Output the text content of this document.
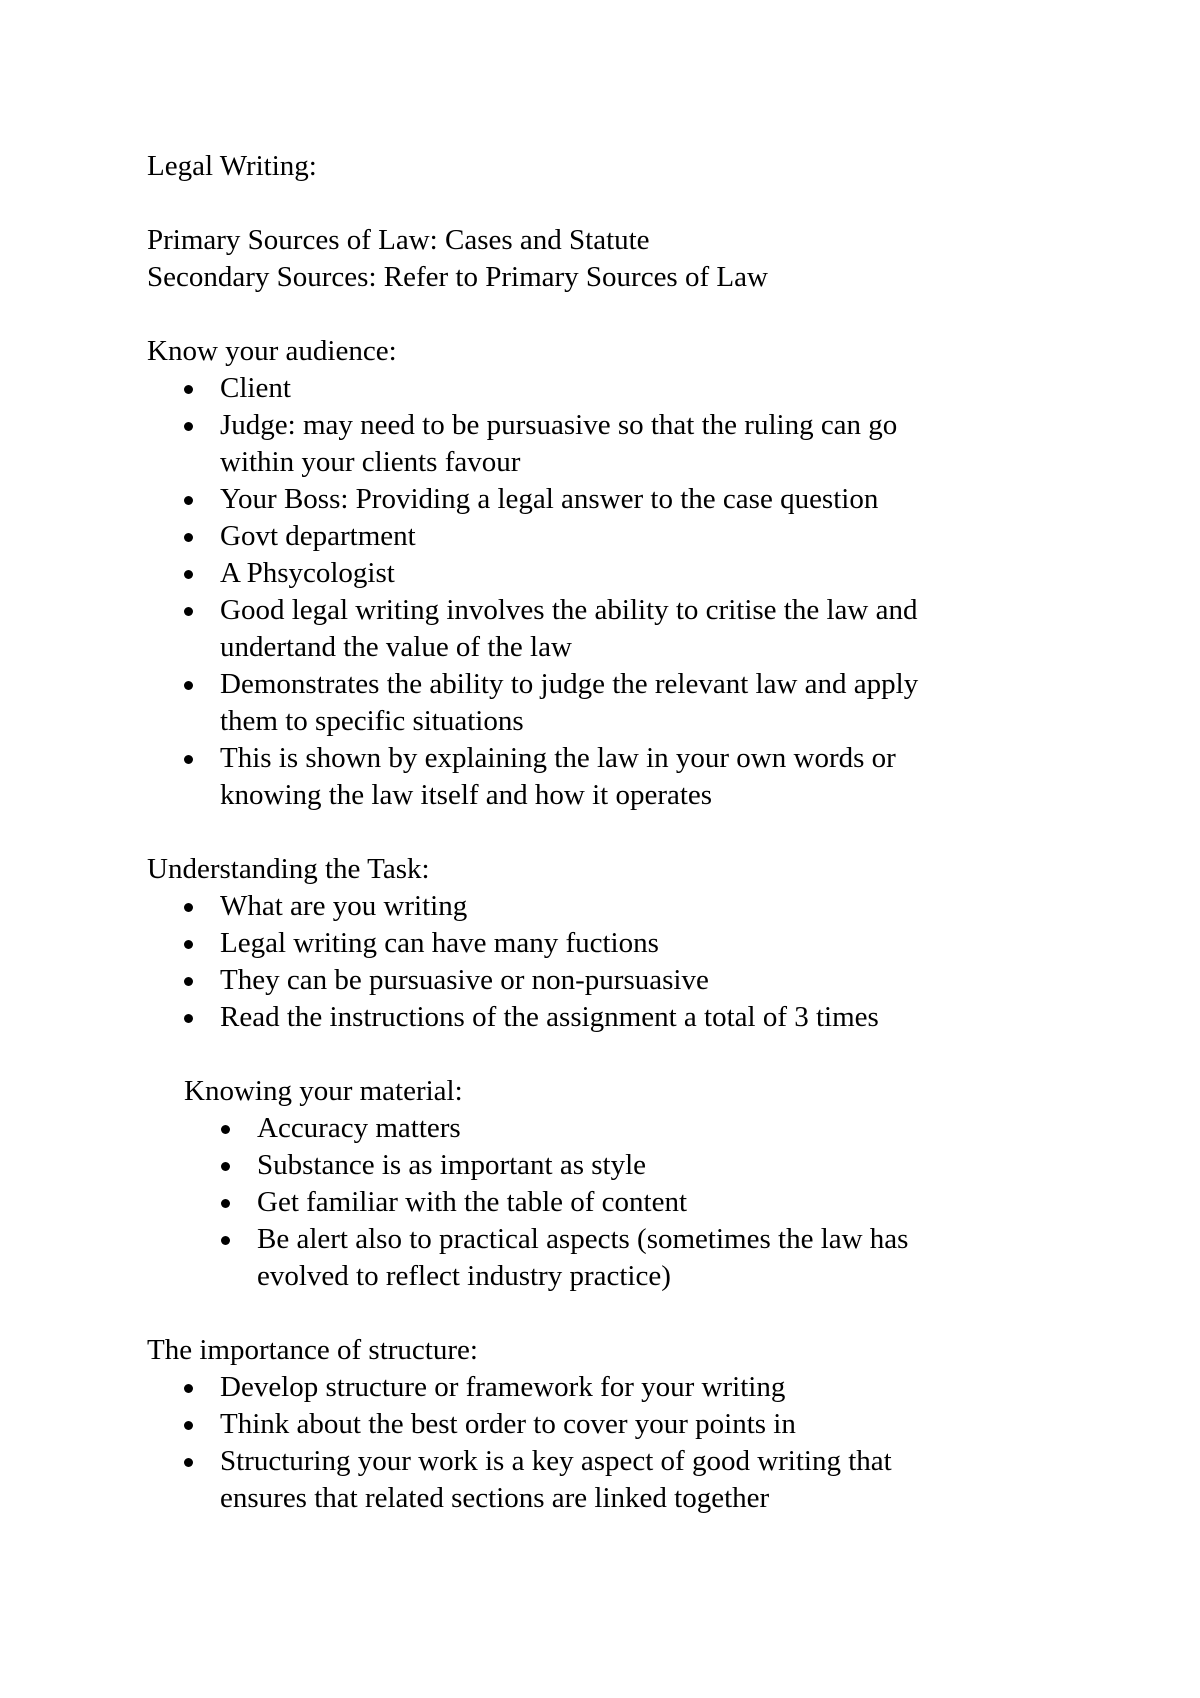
Legal Writing:

Primary Sources of Law: Cases and Statute

Secondary Sources: Refer to Primary Sources of Law

Know your audience:

Client
Judge: may need to be pursuasive so that the ruling can go
within your clients favour
Your Boss: Providing a legal answer to the case question
Govt department
A Phsycologist
Good legal writing involves the ability to critise the law and
undertand the value of the law
Demonstrates the ability to judge the relevant law and apply
them to specific situations
This is shown by explaining the law in your own words or
knowing the law itself and how it operates

Understanding the Task:

What are you writing
Legal writing can have many fuctions
They can be pursuasive or non-pursuasive
Read the instructions of the assignment a total of 3 times

Knowing your material:

Accuracy matters
Substance is as important as style
Get familiar with the table of content
Be alert also to practical aspects (sometimes the law has
evolved to reflect industry practice)

The importance of structure:

Develop structure or framework for your writing
Think about the best order to cover your points in
Structuring your work is a key aspect of good writing that
ensures that related sections are linked together
